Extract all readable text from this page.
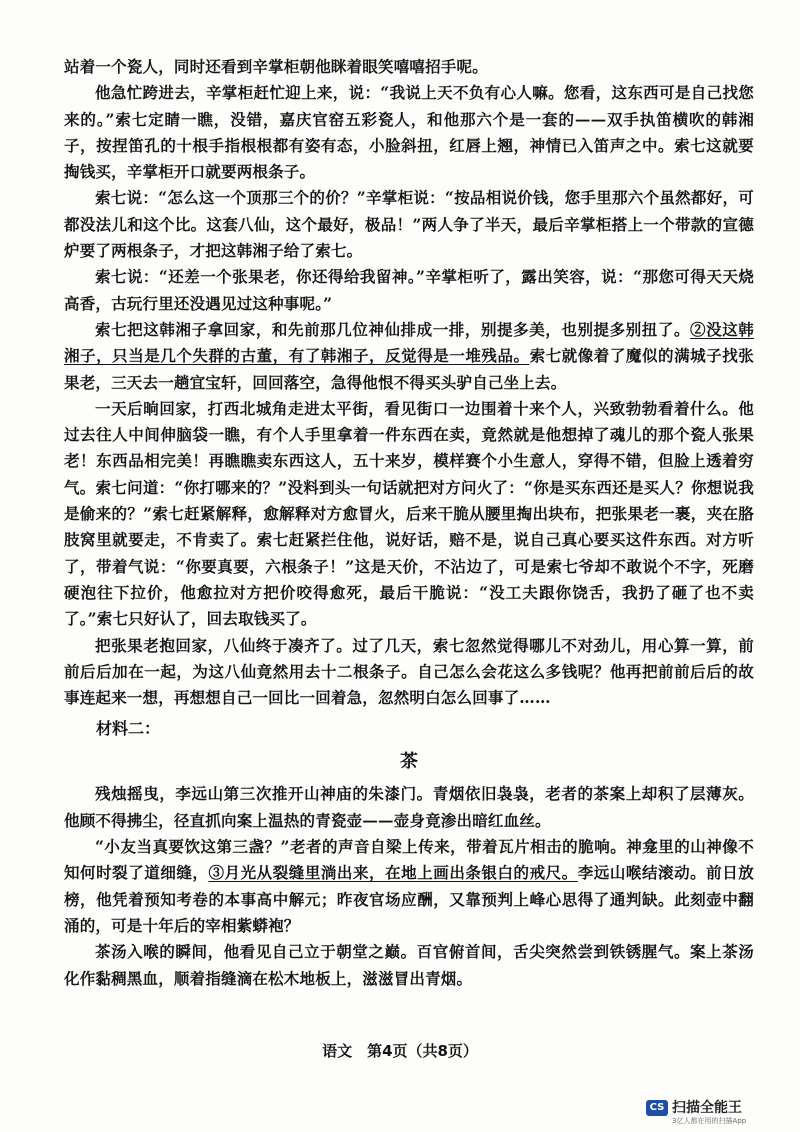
站着一个瓷人，同时还看到辛掌柜朝他眯着眼笑嘻嘻招手呢。

他急忙跨进去，辛掌柜赶忙迎上来，说：“我说上天不负有心人嘛。您看，这东西可是自己找您来的。”索七定睛一瞧，没错，嘉庆官窑五彩瓷人，和他那六个是一套的——双手执笛横吹的韩湘子，按捏笛孔的十根手指根根都有姿有态，小脸斜扭，红唇上翘，神情已入笛声之中。索七这就要掏钱买，辛掌柜开口就要两根条子。

索七说：“怎么这一个顶那三个的价？”辛掌柜说：“按品相说价钱，您手里那六个虽然都好，可都没法儿和这个比。这套八仙，这个最好，极品！”两人争了半天，最后辛掌柜搭上一个带款的宣德炉要了两根条子，才把这韩湘子给了索七。

索七说：“还差一个张果老，你还得给我留神。”辛掌柜听了，露出笑容，说：“那您可得天天烧高香，古玩行里还没遇见过这种事呢。”

索七把这韩湘子拿回家，和先前那几位神仙排成一排，别提多美，也别提多别扭了。②没这韩湘子，只当是几个失群的古董，有了韩湘子，反觉得是一堆残品。索七就像着了魔似的满城子找张果老，三天去一趟宜宝轩，回回落空，急得他恨不得买头驴自己坐上去。

一天后晌回家，打西北城角走进太平街，看见街口一边围着十来个人，兴致勃勃看着什么。他过去往人中间伸脑袋一瞧，有个人手里拿着一件东西在卖，竟然就是他想掉了魂儿的那个瓷人张果老！东西品相完美！再瞧瞧卖东西这人，五十来岁，模样赛个小生意人，穿得不错，但脸上透着穷气。索七问道：“你打哪来的？”没料到头一句话就把对方问火了：“你是买东西还是买人？你想说我是偷来的？”索七赶紧解释，愈解释对方愈冒火，后来干脆从腰里掏出块布，把张果老一裹，夹在胳肢窝里就要走，不肯卖了。索七赶紧拦住他，说好话，赔不是，说自己真心要买这件东西。对方听了，带着气说：“你要真要，六根条子！”这是天价，不沾边了，可是索七爷却不敢说个不字，死磨硬泡往下拉价，他愈拉对方把价咬得愈死，最后干脆说：“没工夫跟你饶舌，我扔了砸了也不卖了。”索七只好认了，回去取钱买了。

把张果老抱回家，八仙终于凑齐了。过了几天，索七忽然觉得哪儿不对劲儿，用心算一算，前前后后加在一起，为这八仙竟然用去十二根条子。自己怎么会花这么多钱呢？他再把前前后后的故事连起来一想，再想想自己一回比一回着急，忽然明白怎么回事了……

材料二：
茶

残烛摇曳，李远山第三次推开山神庙的朱漆门。青烟依旧袅袅，老者的茶案上却积了层薄灰。他顾不得拂尘，径直抓向案上温热的青瓷壶——壶身竟渗出暗红血丝。

“小友当真要饮这第三盏？”老者的声音自梁上传来，带着瓦片相击的脆响。神龛里的山神像不知何时裂了道细缝，③月光从裂缝里淌出来，在地上画出条银白的戒尺。李远山喉结滚动。前日放榜，他凭着预知考卷的本事高中解元；昨夜官场应酬，又靠预判上峰心思得了通判缺。此刻壶中翻涌的，可是十年后的宰相紫蟒袍？

茶汤入喉的瞬间，他看见自己立于朝堂之巅。百官俯首间，舌尖突然尝到铁锈腥气。案上茶汤化作黏稠黑血，顺着指缝滴在松木地板上，滋滋冒出青烟。

语文　第4页（共8页）
CS 扫描全能王
3亿人都在用的扫描App
